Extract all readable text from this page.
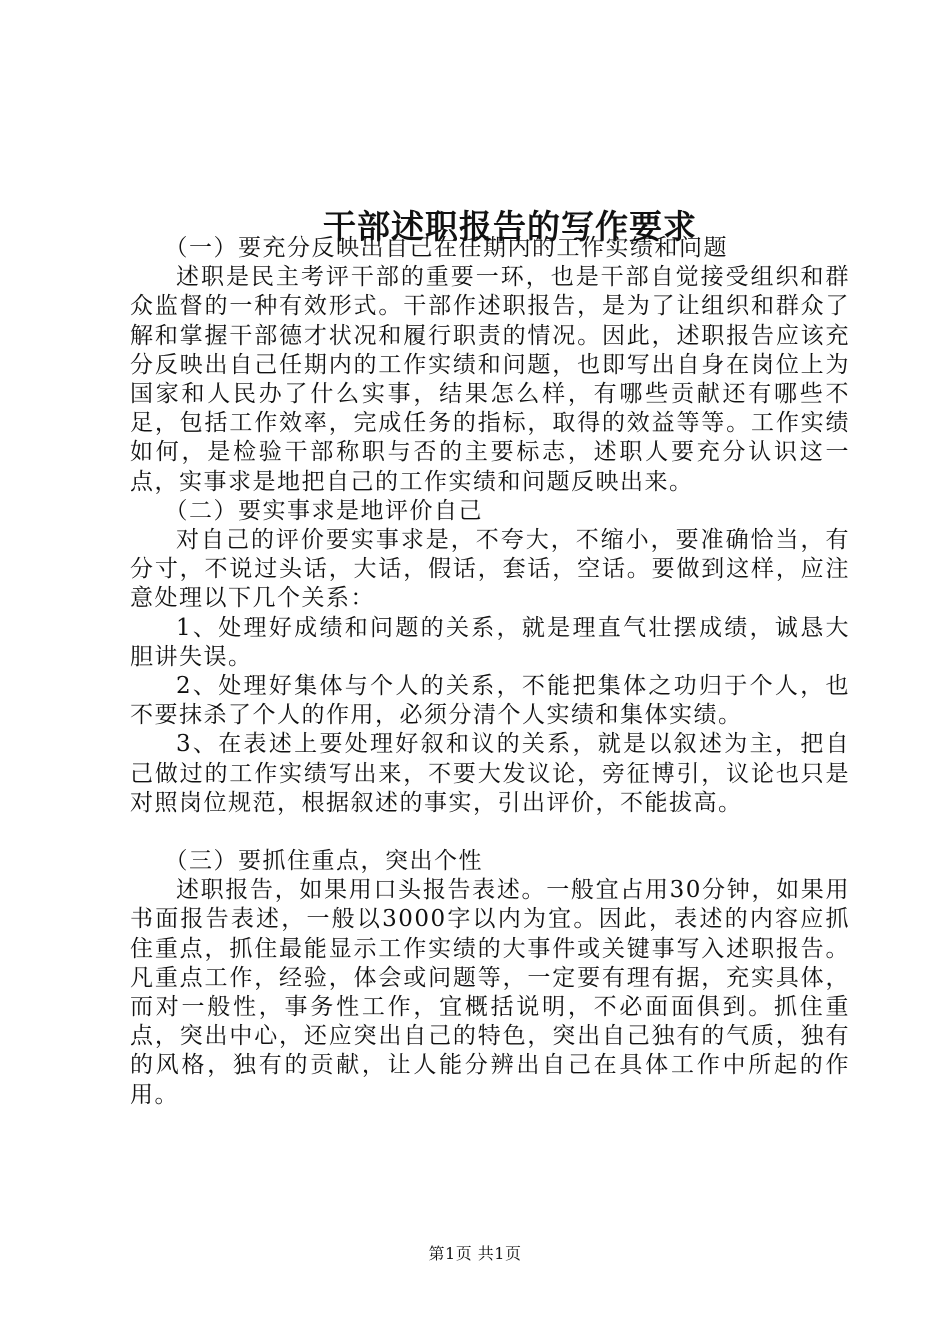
干部述职报告的写作要求

（一）要充分反映出自己在任期内的工作实绩和问题

述职是民主考评干部的重要一环，也是干部自觉接受组织和群众监督的一种有效形式。干部作述职报告，是为了让组织和群众了解和掌握干部德才状况和履行职责的情况。因此，述职报告应该充分反映出自己任期内的工作实绩和问题，也即写出自身在岗位上为国家和人民办了什么实事，结果怎么样，有哪些贡献还有哪些不足，包括工作效率，完成任务的指标，取得的效益等等。工作实绩如何，是检验干部称职与否的主要标志，述职人要充分认识这一点，实事求是地把自己的工作实绩和问题反映出来。

（二）要实事求是地评价自己

对自己的评价要实事求是，不夸大，不缩小，要准确恰当，有分寸，不说过头话，大话，假话，套话，空话。要做到这样，应注意处理以下几个关系：

1、处理好成绩和问题的关系，就是理直气壮摆成绩，诚恳大胆讲失误。

2、处理好集体与个人的关系，不能把集体之功归于个人，也不要抹杀了个人的作用，必须分清个人实绩和集体实绩。

3、在表述上要处理好叙和议的关系，就是以叙述为主，把自己做过的工作实绩写出来，不要大发议论，旁征博引，议论也只是对照岗位规范，根据叙述的事实，引出评价，不能拔高。

（三）要抓住重点，突出个性

述职报告，如果用口头报告表述。一般宜占用30分钟，如果用书面报告表述，一般以3000字以内为宜。因此，表述的内容应抓住重点，抓住最能显示工作实绩的大事件或关键事写入述职报告。凡重点工作，经验，体会或问题等，一定要有理有据，充实具体，而对一般性，事务性工作，宜概括说明，不必面面俱到。抓住重点，突出中心，还应突出自己的特色，突出自己独有的气质，独有的风格，独有的贡献，让人能分辨出自己在具体工作中所起的作用。

第1页 共1页
